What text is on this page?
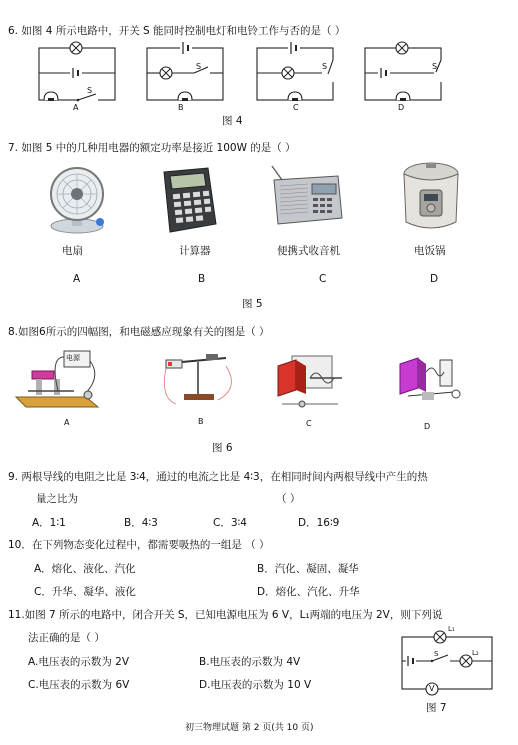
6. 如图 4 所示电路中，开关 S 能同时控制电灯和电铃工作与否的是（ ）
S
A
S
B
S
C
S
D
图 4
7. 如图 5 中的几种用电器的额定功率是接近 100W 的是（ ）
电扇	计算器	便携式收音机	电饭锅
A	B	C	D
图 5
8.如图6所示的四幅图，和电磁感应现象有关的图是（ ）
电源
A	B	C	D
图 6
9. 两根导线的电阻之比是 3∶4，通过的电流之比是 4∶3，在相同时间内两根导线中产生的热
量之比为	（ ）
A．1∶1	B．4∶3	C．3∶4	D．16∶9
10．在下列物态变化过程中，都需要吸热的一组是 （ ）
A．熔化、液化、汽化	B．汽化、凝固、凝华
C．升华、凝华、液化	D．熔化、汽化、升华
11.如图 7 所示的电路中，闭合开关 S，已知电源电压为 6 V，L₁两端的电压为 2V，则下列说
法正确的是（ ）
A.电压表的示数为 2V	B.电压表的示数为 4V
C.电压表的示数为 6V	D.电压表的示数为 10 V
L₁
S	L₂
V
图 7
初三物理试题 第 2 页(共 10 页)
